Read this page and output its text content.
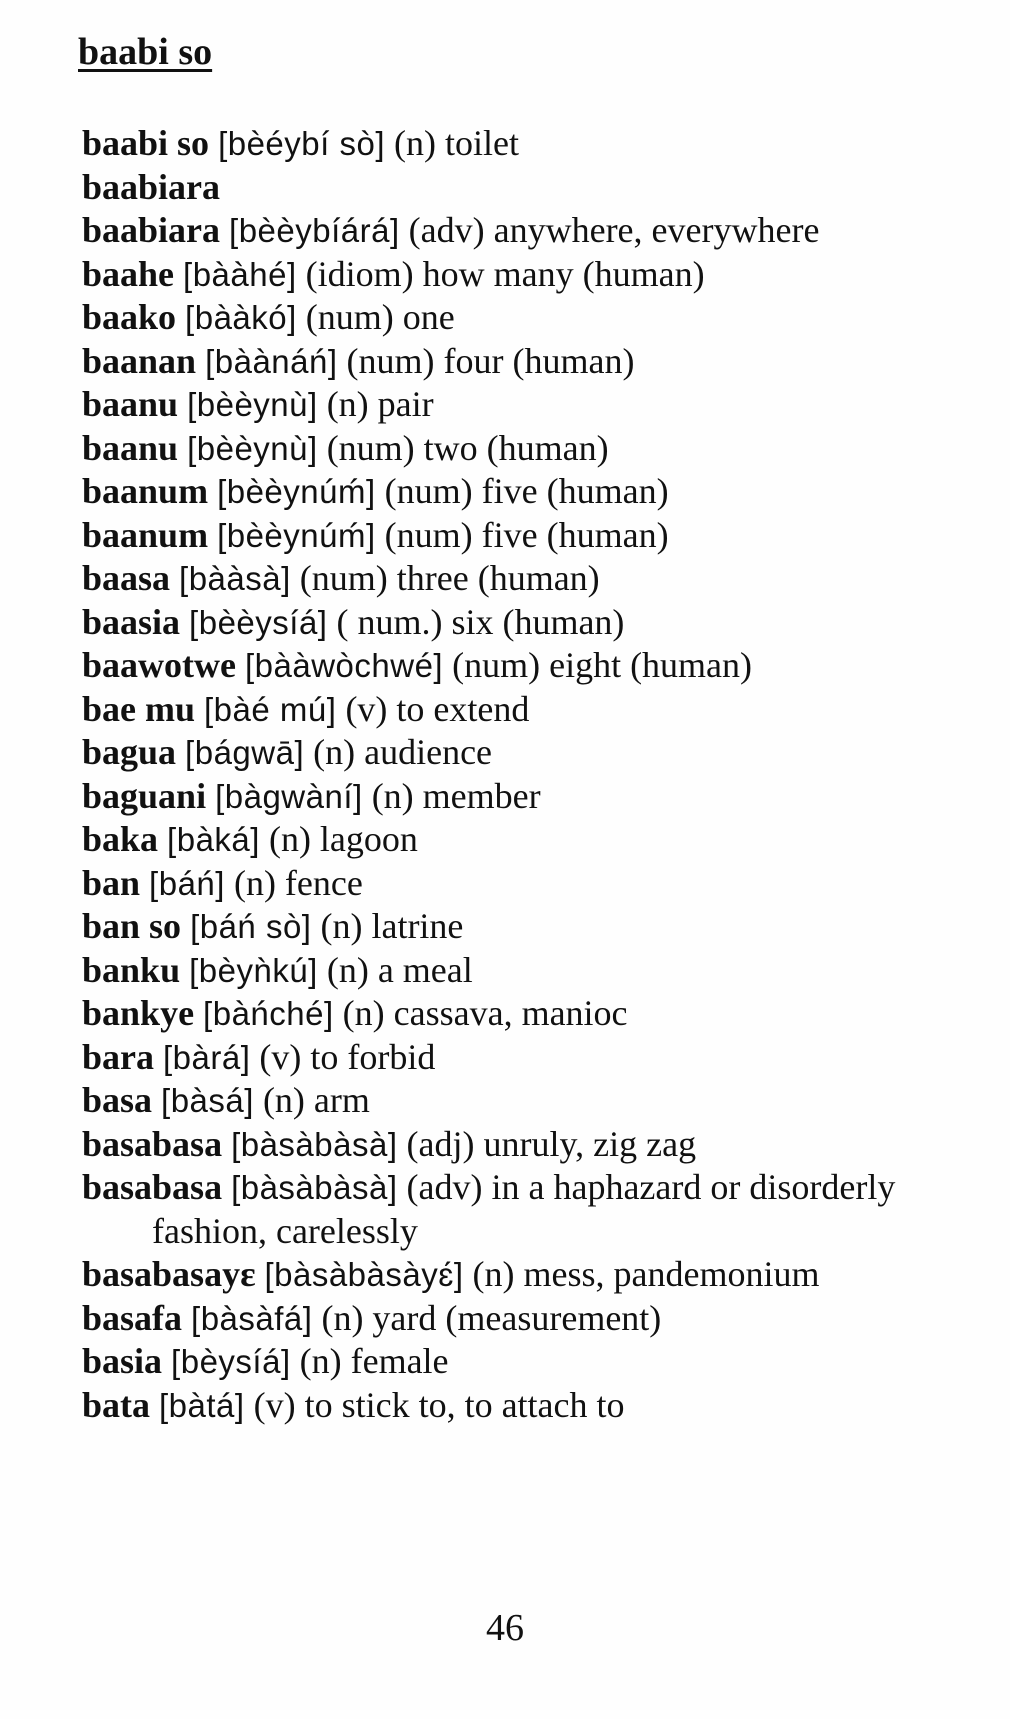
baabi so

baabi so [bèéybí sò] (n) toilet

baabiara

baabiara [bèèybíárá] (adv) anywhere, everywhere

baahe [bààhé] (idiom) how many (human)

baako [bààkó] (num) one

baanan [bàànáń] (num) four (human)

baanu [bèèynù] (n) pair

baanu [bèèynù] (num) two (human)

baanum [bèèynúḿ] (num) five (human)

baanum [bèèynúḿ] (num) five (human)

baasa [bààsà] (num) three (human)

baasia [bèèysíá] ( num.) six (human)

baawotwe [bààwòchwé] (num) eight (human)

bae mu [bàé mú] (v) to extend

bagua [bágwā] (n) audience

baguani [bàgwàní] (n) member

baka [bàká] (n) lagoon

ban [báń] (n) fence

ban so [báń sò] (n) latrine

banku [bèyǹkú] (n) a meal

bankye [bàńché] (n) cassava, manioc

bara [bàrá] (v) to forbid

basa [bàsá] (n) arm

basabasa [bàsàbàsà] (adj) unruly, zig zag

basabasa [bàsàbàsà] (adv) in a haphazard or disorderly fashion, carelessly

basabasayɛ [bàsàbàsàyɛ́] (n) mess, pandemonium

basafa [bàsàfá] (n) yard (measurement)

basia [bèysíá] (n) female

bata [bàtá] (v) to stick to, to attach to

46
